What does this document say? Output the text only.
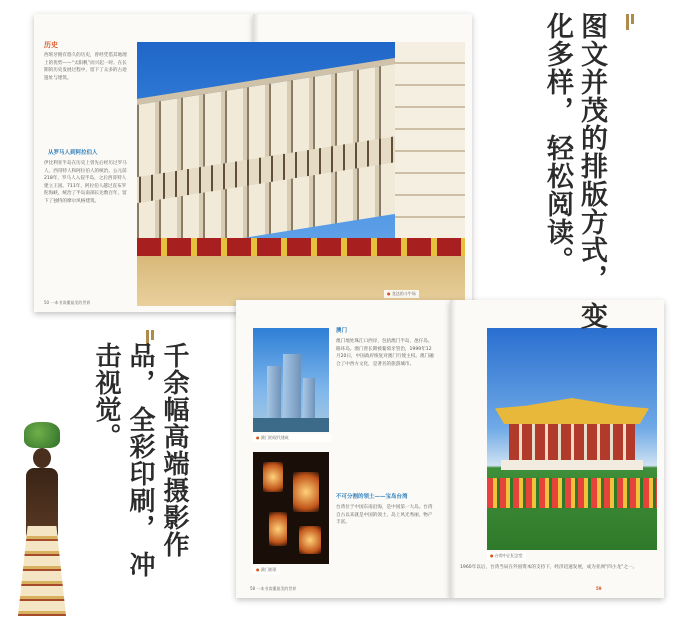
历史
西班牙拥有悠久的历史，曾经凭借其地理上的优势——“太阳帆”而兴起一时。在长期的历史发展过程中，留下了众多的古迹遗址与建筑。
从罗马人到阿拉伯人
伊比利亚半岛在历史上曾先后经历过罗马人、西哥特人和阿拉伯人的统治。公元前218年，罗马人入侵半岛，之后西哥特人建立王国。711年，阿拉伯人越过直布罗陀海峡，统治了半岛南部长达数百年，留下了独特的摩尔风格建筑。
● 龙达的斗牛场
50 一本书读懂最美的世界
● 澳门的现代建筑
● 澳门街景
澳门
澳门地处珠江口西岸，包括澳门半岛、氹仔岛、路环岛。澳门曾长期被葡萄牙管治，1999年12月20日，中国政府恢复对澳门行使主权。澳门融合了中西方文化，是著名的旅游城市。
不可分割的领土——宝岛台湾
台湾位于中国东南沿海，是中国第一大岛。台湾自古以来就是中国的领土，岛上风光秀丽，物产丰富。
● 台湾中正纪念堂
1960年以后，台湾当局在外国资本的支持下，经济迅速发展，成为亚洲“四小龙”之一。
58 一本书读懂最美的世界	59
图文并茂的排版方式， 变化多样， 轻松阅读。
千余幅高端摄影作品， 全彩印刷， 冲击视觉。
